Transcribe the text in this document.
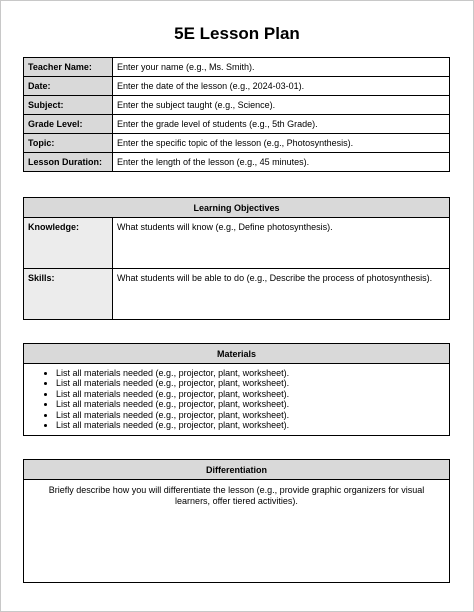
5E Lesson Plan
Teacher Name:	Enter your name (e.g., Ms. Smith).
Date:	Enter the date of the lesson (e.g., 2024-03-01).
Subject:	Enter the subject taught (e.g., Science).
Grade Level:	Enter the grade level of students (e.g., 5th Grade).
Topic:	Enter the specific topic of the lesson (e.g., Photosynthesis).
Lesson Duration:	Enter the length of the lesson (e.g., 45 minutes).
Learning Objectives	
Knowledge:	What students will know (e.g., Define photosynthesis).
Skills:	What students will be able to do (e.g., Describe the process of photosynthesis).
Materials

• List all materials needed (e.g., projector, plant, worksheet).
• List all materials needed (e.g., projector, plant, worksheet).
• List all materials needed (e.g., projector, plant, worksheet).
• List all materials needed (e.g., projector, plant, worksheet).
• List all materials needed (e.g., projector, plant, worksheet).
• List all materials needed (e.g., projector, plant, worksheet).
Differentiation
Briefly describe how you will differentiate the lesson (e.g., provide graphic organizers for visual learners, offer tiered activities).
